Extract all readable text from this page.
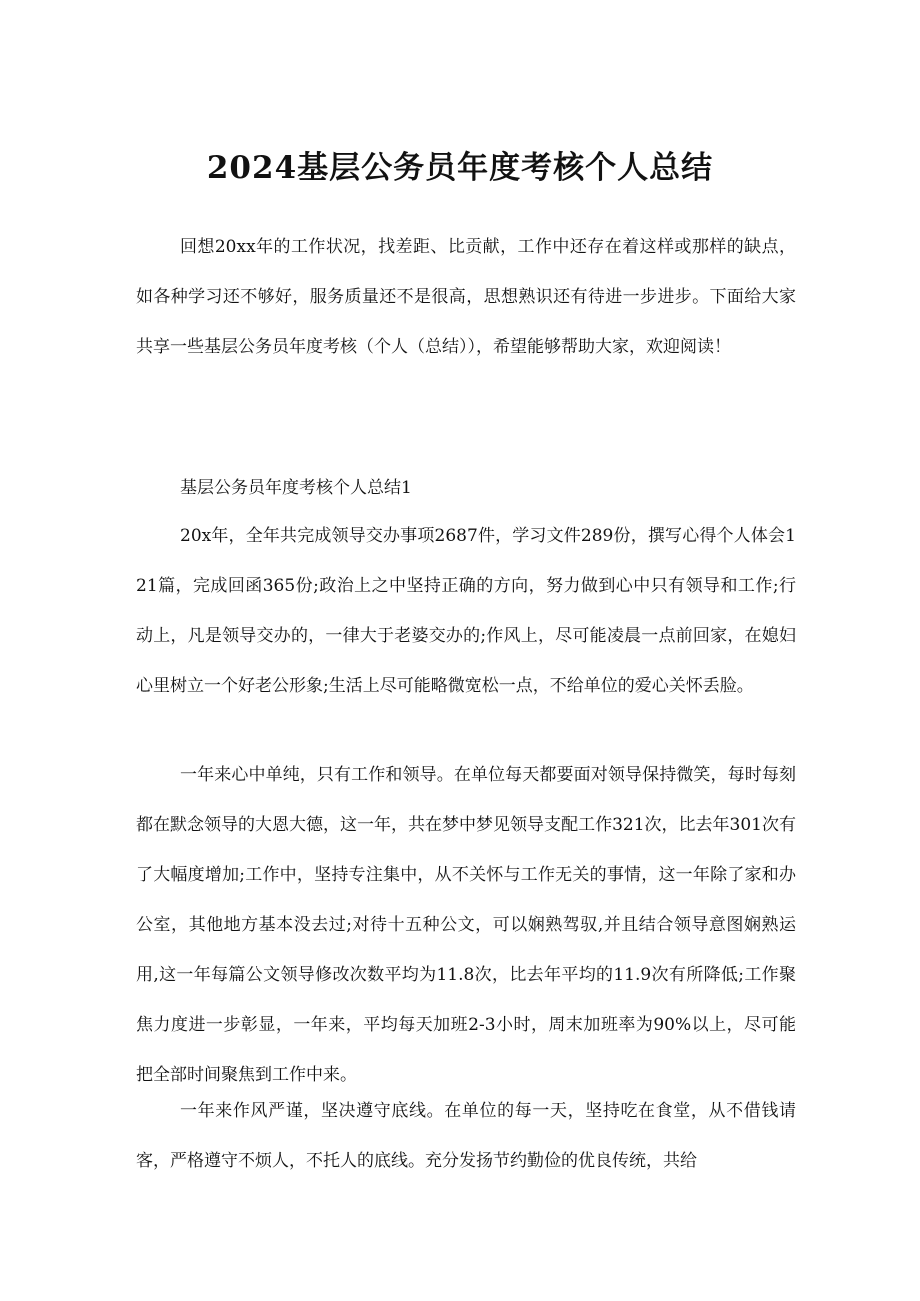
2024基层公务员年度考核个人总结

回想20xx年的工作状况，找差距、比贡献，工作中还存在着这样或那样的缺点，如各种学习还不够好，服务质量还不是很高，思想熟识还有待进一步进步。下面给大家共享一些基层公务员年度考核（个人（总结）），希望能够帮助大家，欢迎阅读！

基层公务员年度考核个人总结1

20x年，全年共完成领导交办事项2687件，学习文件289份，撰写心得个人体会121篇，完成回函365份;政治上之中坚持正确的方向，努力做到心中只有领导和工作;行动上，凡是领导交办的，一律大于老婆交办的;作风上，尽可能凌晨一点前回家，在媳妇心里树立一个好老公形象;生活上尽可能略微宽松一点，不给单位的爱心关怀丢脸。

一年来心中单纯，只有工作和领导。在单位每天都要面对领导保持微笑，每时每刻都在默念领导的大恩大德，这一年，共在梦中梦见领导支配工作321次，比去年301次有了大幅度增加;工作中，坚持专注集中，从不关怀与工作无关的事情，这一年除了家和办公室，其他地方基本没去过;对待十五种公文，可以娴熟驾驭,并且结合领导意图娴熟运用,这一年每篇公文领导修改次数平均为11.8次，比去年平均的11.9次有所降低;工作聚焦力度进一步彰显，一年来，平均每天加班2-3小时，周末加班率为90%以上，尽可能把全部时间聚焦到工作中来。

一年来作风严谨，坚决遵守底线。在单位的每一天，坚持吃在食堂，从不借钱请客，严格遵守不烦人，不托人的底线。充分发扬节约勤俭的优良传统，共给
